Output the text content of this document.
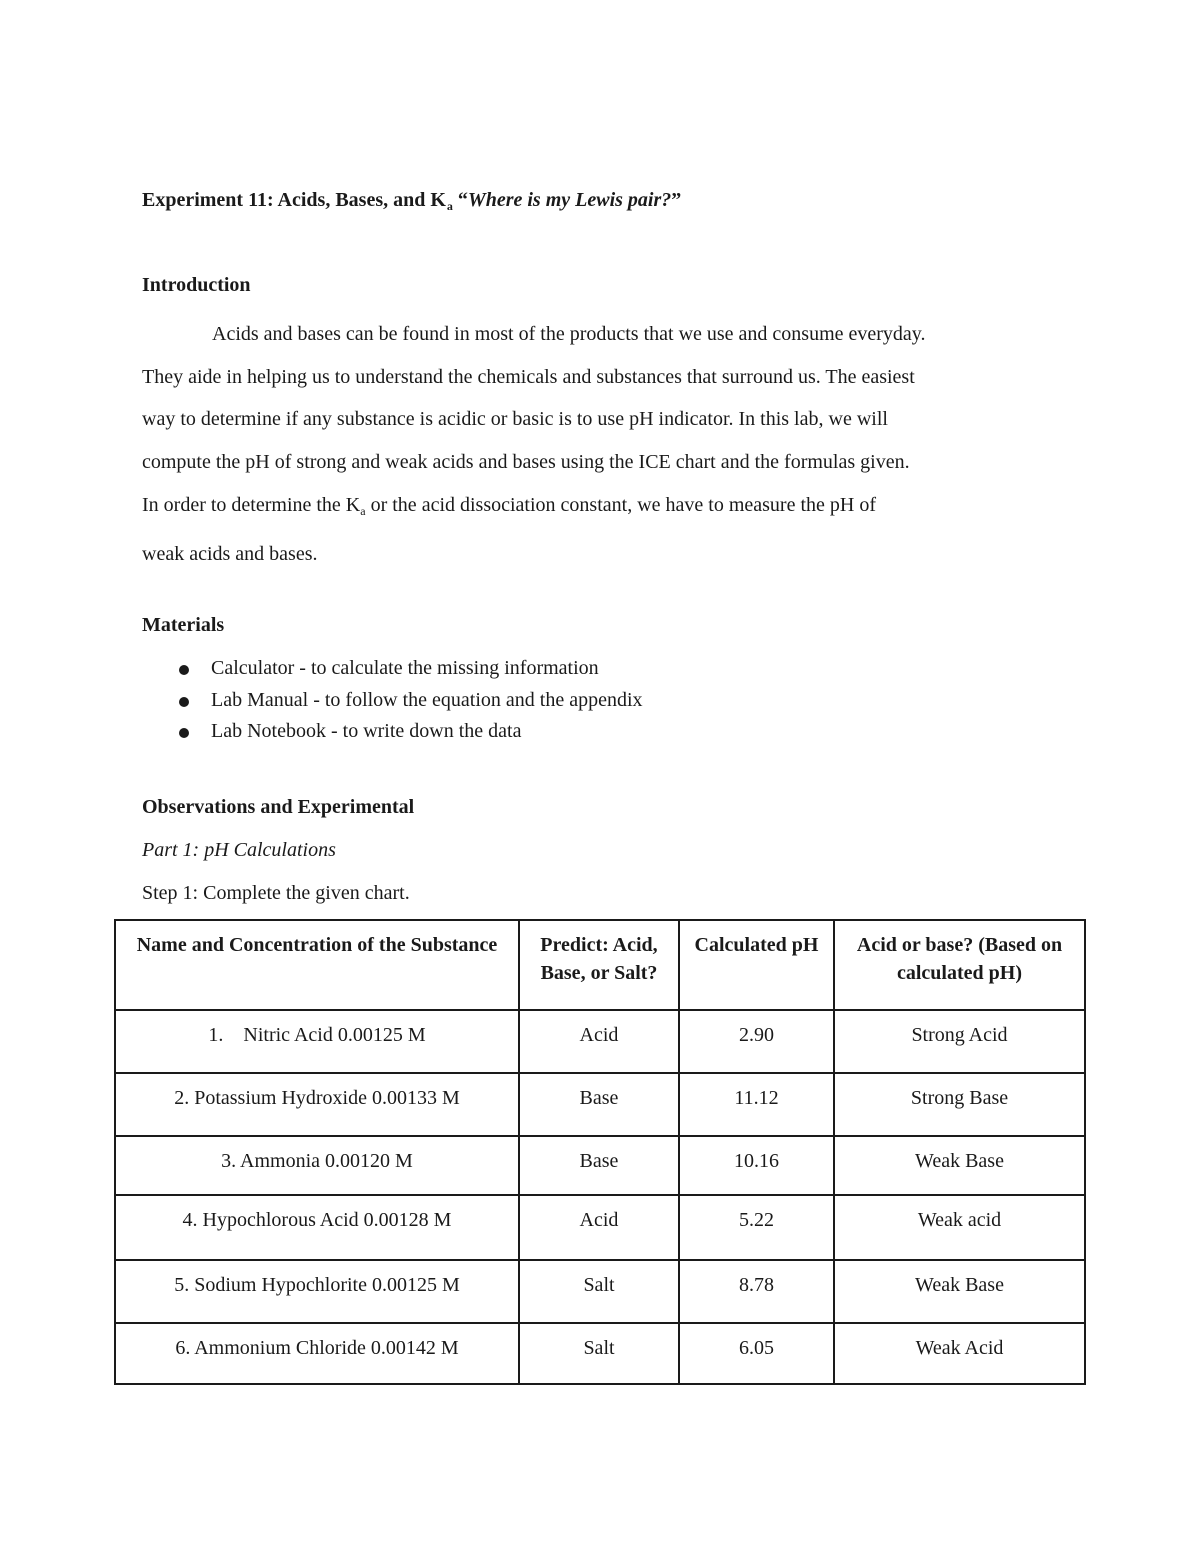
Experiment 11: Acids, Bases, and $K_a$ “Where is my Lewis pair?”
Introduction
Acids and bases can be found in most of the products that we use and consume everyday.
They aide in helping us to understand the chemicals and substances that surround us. The easiest
way to determine if any substance is acidic or basic is to use pH indicator. In this lab, we will
compute the pH of strong and weak acids and bases using the ICE chart and the formulas given.
In order to determine the $K_a$ or the acid dissociation constant, we have to measure the pH of
weak acids and bases.
Materials
Calculator - to calculate the missing information
Lab Manual - to follow the equation and the appendix
Lab Notebook - to write down the data
Observations and Experimental
Part 1: pH Calculations
Step 1: Complete the given chart.
Name and Concentration of the Substance	Predict: Acid, Base, or Salt?	Calculated pH	Acid or base? (Based on calculated pH)
1.    Nitric Acid 0.00125 M	Acid	2.90	Strong Acid
2. Potassium Hydroxide 0.00133 M	Base	11.12	Strong Base
3. Ammonia 0.00120 M	Base	10.16	Weak Base
4. Hypochlorous Acid 0.00128 M	Acid	5.22	Weak acid
5. Sodium Hypochlorite 0.00125 M	Salt	8.78	Weak Base
6. Ammonium Chloride 0.00142 M	Salt	6.05	Weak Acid
